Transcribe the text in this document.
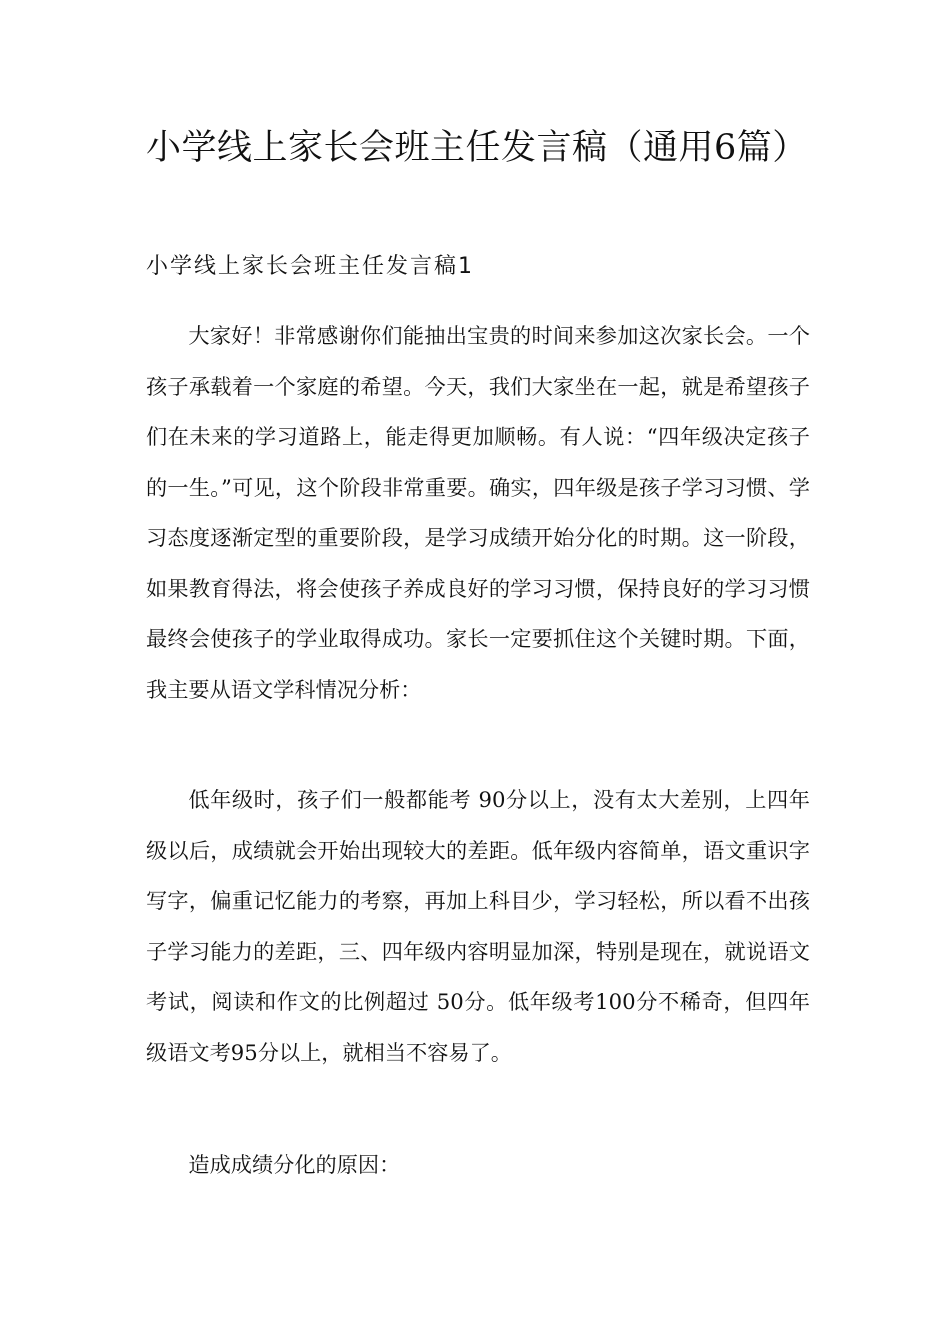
小学线上家长会班主任发言稿（通用6篇）
小学线上家长会班主任发言稿1

大家好！非常感谢你们能抽出宝贵的时间来参加这次家长会。一个孩子承载着一个家庭的希望。今天，我们大家坐在一起，就是希望孩子们在未来的学习道路上，能走得更加顺畅。有人说：“四年级决定孩子的一生。”可见，这个阶段非常重要。确实，四年级是孩子学习习惯、学习态度逐渐定型的重要阶段，是学习成绩开始分化的时期。这一阶段，如果教育得法，将会使孩子养成良好的学习习惯，保持良好的学习习惯最终会使孩子的学业取得成功。家长一定要抓住这个关键时期。下面，我主要从语文学科情况分析：

低年级时，孩子们一般都能考 90分以上，没有太大差别，上四年级以后，成绩就会开始出现较大的差距。低年级内容简单，语文重识字写字，偏重记忆能力的考察，再加上科目少，学习轻松，所以看不出孩子学习能力的差距，三、四年级内容明显加深，特别是现在，就说语文考试，阅读和作文的比例超过 50分。低年级考100分不稀奇，但四年级语文考95分以上，就相当不容易了。

造成成绩分化的原因：
